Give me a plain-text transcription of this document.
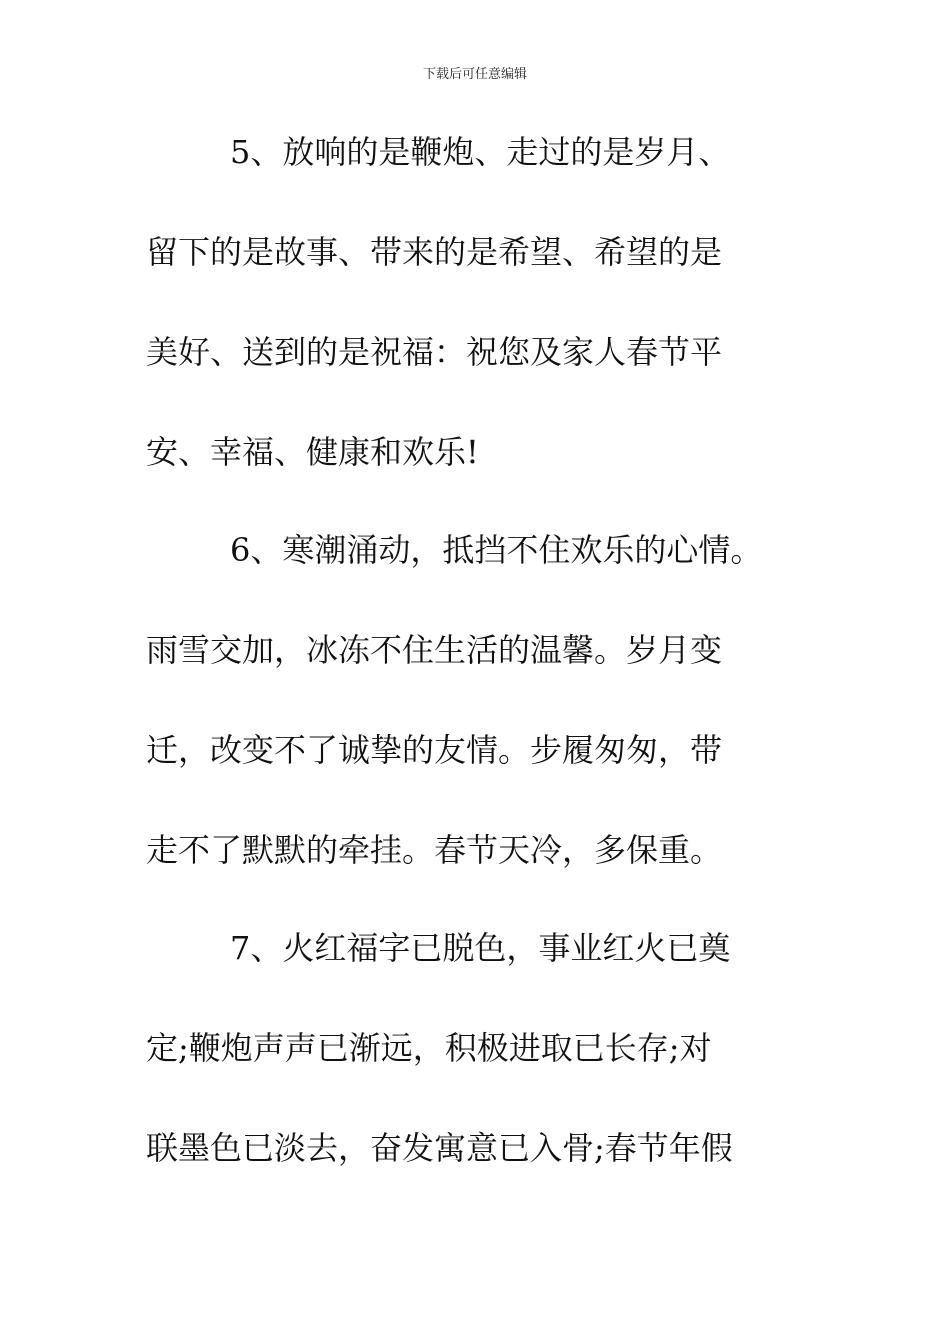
下载后可任意编辑
5、放响的是鞭炮、走过的是岁月、
留下的是故事、带来的是希望、希望的是
美好、送到的是祝福：祝您及家人春节平
安、幸福、健康和欢乐!
6、寒潮涌动，抵挡不住欢乐的心情。
雨雪交加，冰冻不住生活的温馨。岁月变
迁，改变不了诚挚的友情。步履匆匆，带
走不了默默的牵挂。春节天冷，多保重。
7、火红福字已脱色，事业红火已奠
定;鞭炮声声已渐远，积极进取已长存;对
联墨色已淡去，奋发寓意已入骨;春节年假
